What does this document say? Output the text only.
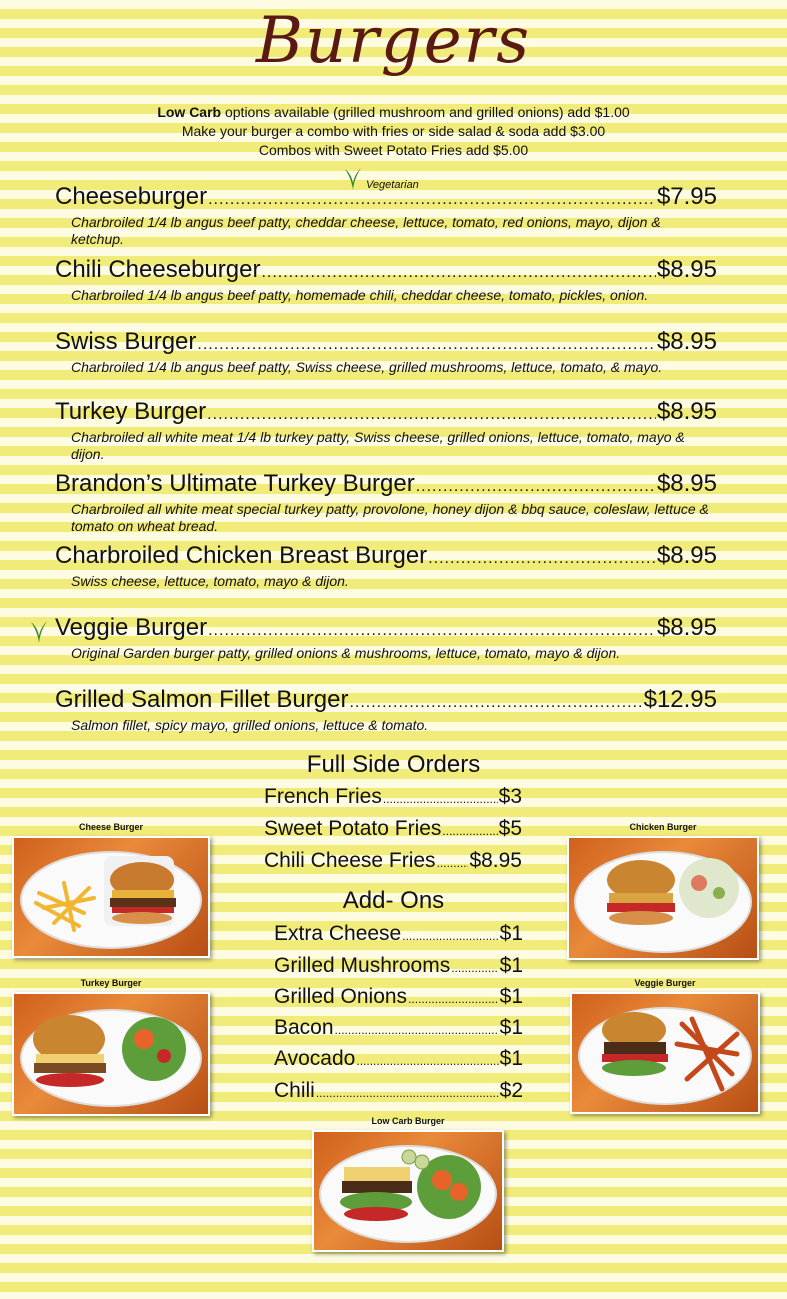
Burgers
Low Carb options available (grilled mushroom and grilled onions) add $1.00
Make your burger a combo with fries or side salad & soda add $3.00
Combos with Sweet Potato Fries add $5.00
Vegetarian
Cheeseburger .....	$7.95
Charbroiled 1/4 lb angus beef patty, cheddar cheese, lettuce, tomato, red onions, mayo, dijon & ketchup.
Chili Cheeseburger .....	$8.95
Charbroiled 1/4 lb angus beef patty, homemade chili, cheddar cheese, tomato, pickles, onion.
Swiss Burger .....	$8.95
Charbroiled 1/4 lb angus beef patty, Swiss cheese, grilled mushrooms, lettuce, tomato, & mayo.
Turkey Burger .....	$8.95
Charbroiled all white meat 1/4 lb turkey patty, Swiss cheese, grilled onions, lettuce, tomato, mayo & dijon.
Brandon’s Ultimate Turkey Burger .....	$8.95
Charbroiled all white meat special turkey patty, provolone, honey dijon & bbq sauce, coleslaw, lettuce & tomato on wheat bread.
Charbroiled Chicken Breast Burger .....	$8.95
Swiss cheese, lettuce, tomato, mayo & dijon.
Veggie Burger .....	$8.95
Original Garden burger patty, grilled onions & mushrooms, lettuce, tomato, mayo & dijon.
Grilled Salmon Fillet Burger .....	$12.95
Salmon fillet, spicy mayo, grilled onions, lettuce & tomato.
Full Side Orders
French Fries .....	$3
Sweet Potato Fries .....	$5
Chili Cheese Fries ..... $8.95
Add- Ons
Extra Cheese .....	$1
Grilled Mushrooms ..... $1
Grilled Onions .....	$1
Bacon .....	$1
Avocado .....	$1
Chili .....	$2
Cheese Burger	Chicken Burger
Turkey Burger	Veggie Burger
Low Carb Burger
